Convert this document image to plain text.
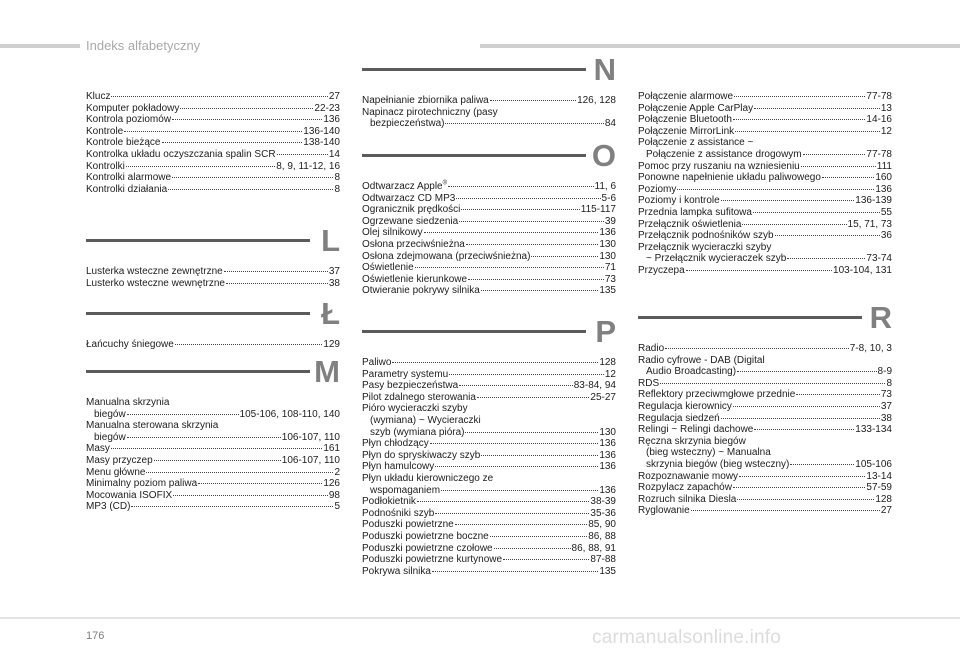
Indeks alfabetyczny
Klucz	27
Komputer pokładowy	22-23
Kontrola poziomów	136
Kontrole	136-140
Kontrole bieżące	138-140
Kontrolka układu oczyszczania spalin SCR	14
Kontrolki	8, 9, 11-12, 16
Kontrolki alarmowe	8
Kontrolki działania	8
L
Lusterka wsteczne zewnętrzne	37
Lusterko wsteczne wewnętrzne	38
Ł
Łańcuchy śniegowe	129
M
Manualna skrzynia
biegów	105-106, 108-110, 140
Manualna sterowana skrzynia
biegów	106-107, 110
Masy	161
Masy przyczep	106-107, 110
Menu główne	2
Minimalny poziom paliwa	126
Mocowania ISOFIX	98
MP3 (CD)	5
N
Napełnianie zbiornika paliwa	126, 128
Napinacz pirotechniczny (pasy
bezpieczeństwa)	84
O
Odtwarzacz Apple®	11, 6
Odtwarzacz CD MP3	5-6
Ogranicznik prędkości	115-117
Ogrzewane siedzenia	39
Olej silnikowy	136
Osłona przeciwśnieżna	130
Osłona zdejmowana (przeciwśnieżna)	130
Oświetlenie	71
Oświetlenie kierunkowe	73
Otwieranie pokrywy silnika	135
P
Paliwo	128
Parametry systemu	12
Pasy bezpieczeństwa	83-84, 94
Pilot zdalnego sterowania	25-27
Pióro wycieraczki szyby
(wymiana) ~ Wycieraczki
szyb (wymiana pióra)	130
Płyn chłodzący	136
Płyn do spryskiwaczy szyb	136
Płyn hamulcowy	136
Płyn układu kierowniczego ze
wspomaganiem	136
Podłokietnik	38-39
Podnośniki szyb	35-36
Poduszki powietrzne	85, 90
Poduszki powietrzne boczne	86, 88
Poduszki powietrzne czołowe	86, 88, 91
Poduszki powietrzne kurtynowe	87-88
Pokrywa silnika	135
Połączenie alarmowe	77-78
Połączenie Apple CarPlay	13
Połączenie Bluetooth	14-16
Połączenie MirrorLink	12
Połączenie z assistance ~
Połączenie z assistance drogowym	77-78
Pomoc przy ruszaniu na wzniesieniu	111
Ponowne napełnienie układu paliwowego	160
Poziomy	136
Poziomy i kontrole	136-139
Przednia lampka sufitowa	55
Przełącznik oświetlenia	15, 71, 73
Przełącznik podnośników szyb	36
Przełącznik wycieraczki szyby
~ Przełącznik wycieraczek szyb	73-74
Przyczepa	103-104, 131
R
Radio	7-8, 10, 3
Radio cyfrowe - DAB (Digital
Audio Broadcasting)	8-9
RDS	8
Reflektory przeciwmgłowe przednie	73
Regulacja kierownicy	37
Regulacja siedzeń	38
Relingi ~ Relingi dachowe	133-134
Ręczna skrzynia biegów
(bieg wsteczny) ~ Manualna
skrzynia biegów (bieg wsteczny)	105-106
Rozpoznawanie mowy	13-14
Rozpylacz zapachów	57-59
Rozruch silnika Diesla	128
Ryglowanie	27
176	carmanualsonline.info
